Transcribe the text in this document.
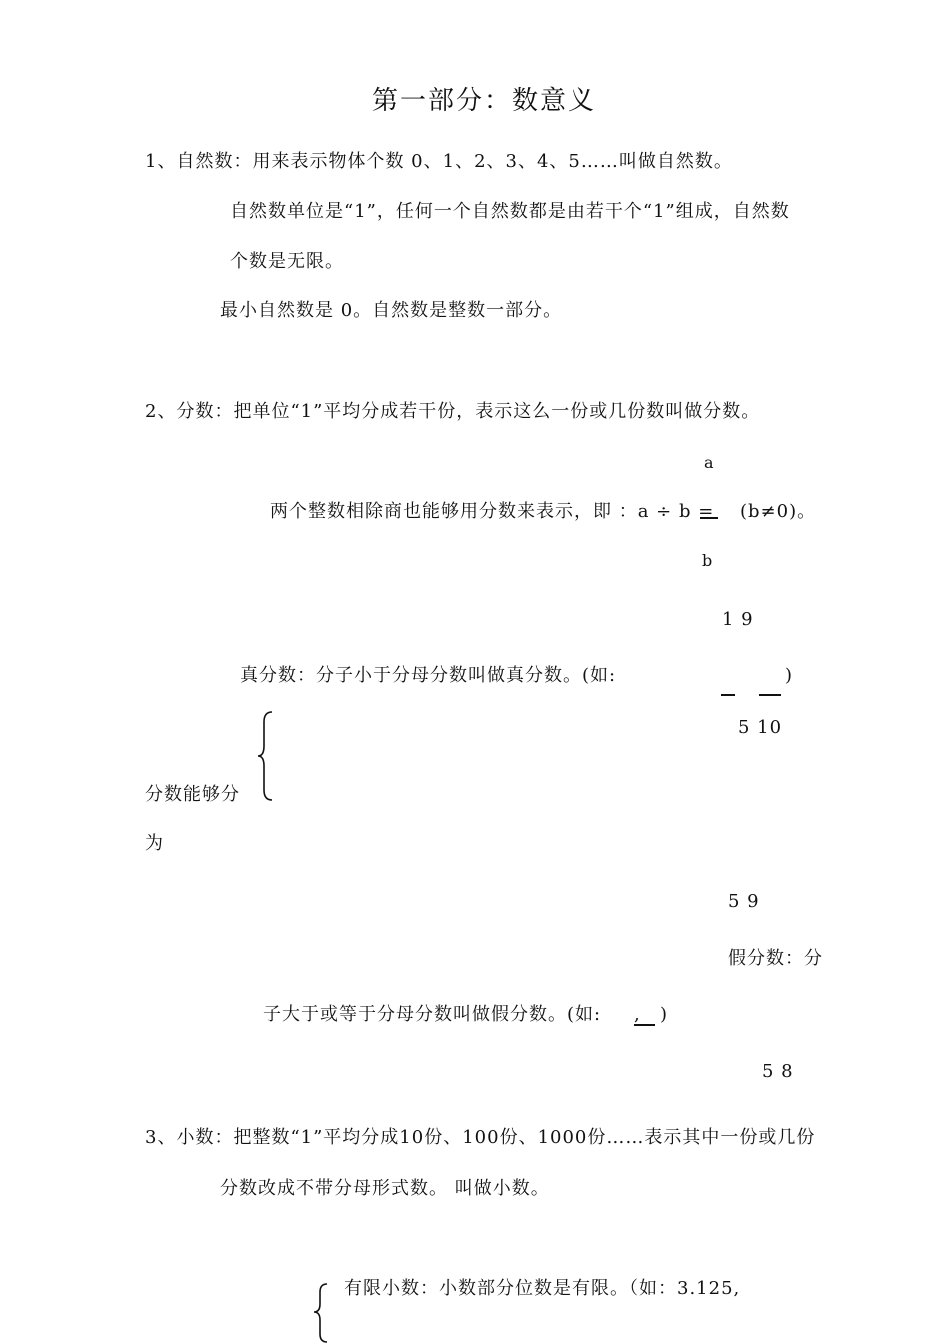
第一部分：数意义
1、自然数：用来表示物体个数 0、1、2、3、4、5……叫做自然数。
自然数单位是“1”，任何一个自然数都是由若干个“1”组成，自然数
个数是无限。
最小自然数是 0。自然数是整数一部分。
2、分数：把单位“1”平均分成若干份，表示这么一份或几份数叫做分数。
a
两个整数相除商也能够用分数来表示，即 ：a ÷ b = (b≠0)。
b
1 9
真分数：分子小于分母分数叫做真分数。(如:	)
5 10
分数能够分
为
5 9
假分数：分
子大于或等于分母分数叫做假分数。(如: ,	)
5 8
3、小数：把整数“1”平均分成10份、100份、1000份……表示其中一份或几份
分数改成不带分母形式数。 叫做小数。
有限小数：小数部分位数是有限。（如：3.125,
